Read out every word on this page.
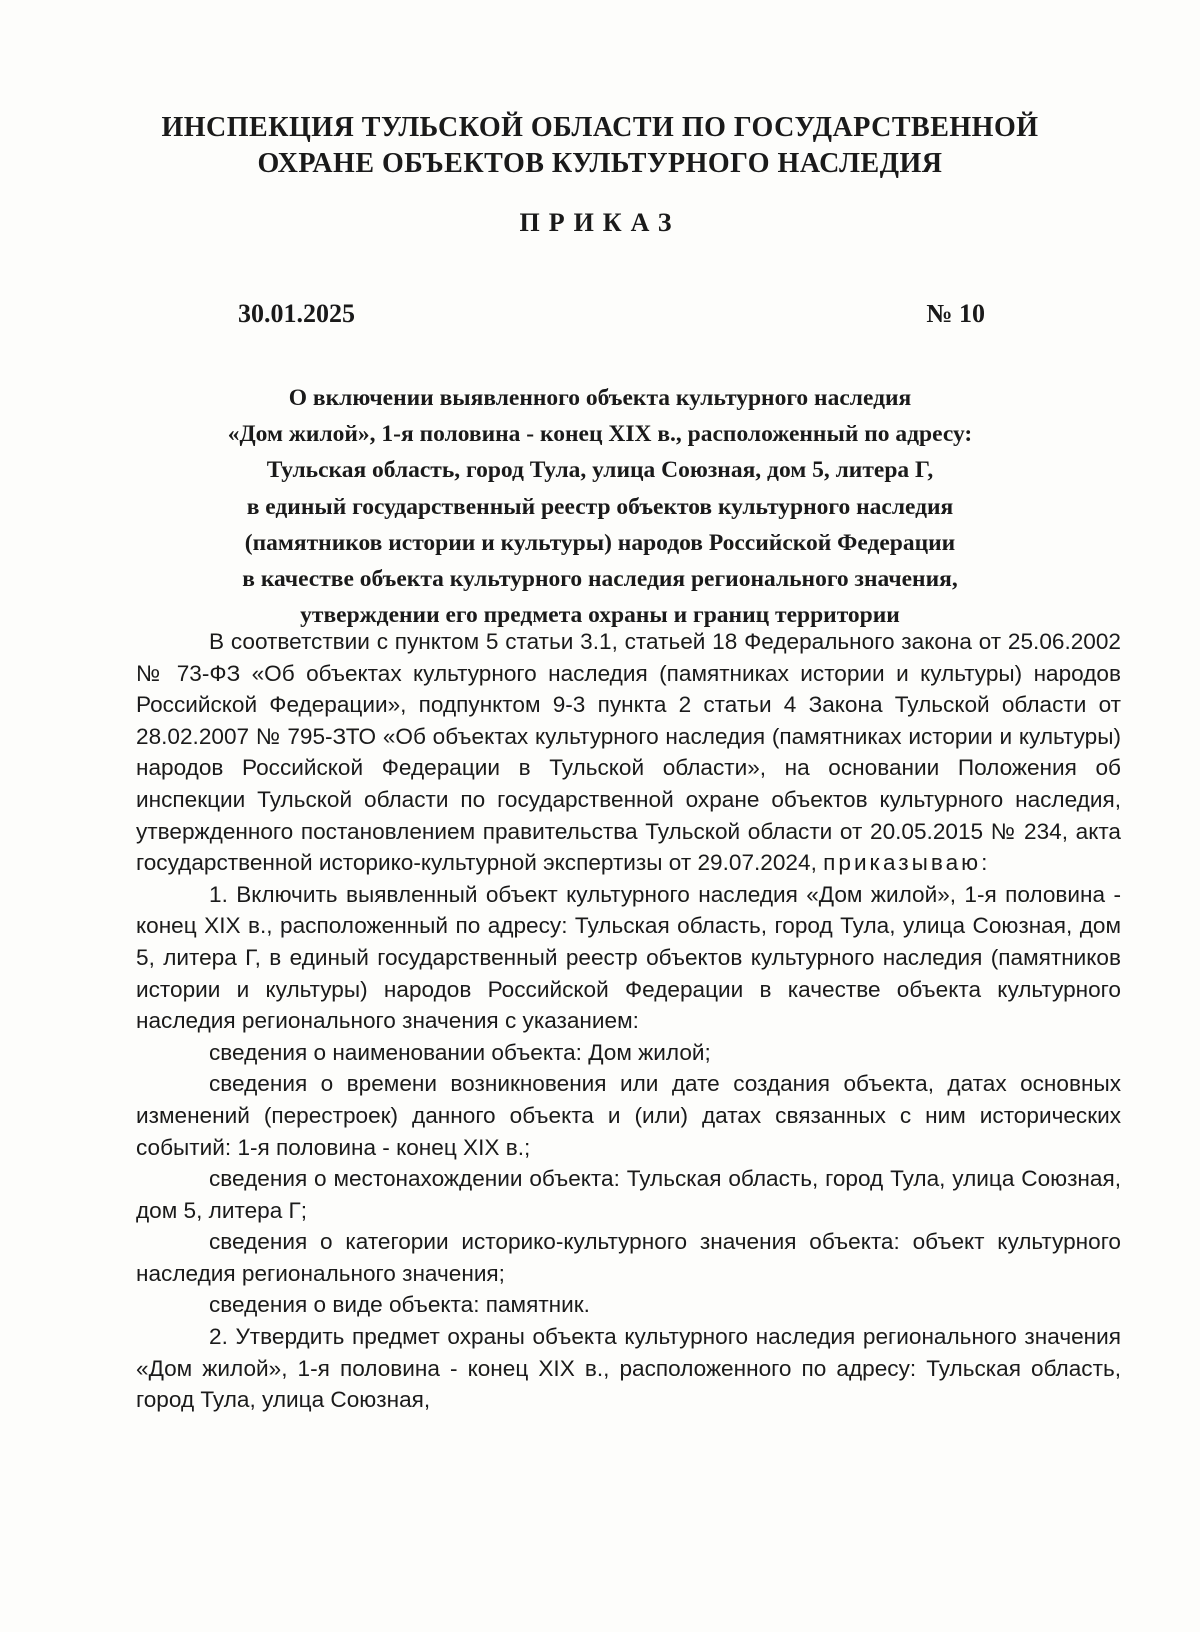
ИНСПЕКЦИЯ ТУЛЬСКОЙ ОБЛАСТИ ПО ГОСУДАРСТВЕННОЙ
ОХРАНЕ ОБЪЕКТОВ КУЛЬТУРНОГО НАСЛЕДИЯ
ПРИКАЗ
30.01.2025	№ 10
О включении выявленного объекта культурного наследия
«Дом жилой», 1-я половина - конец XIX в., расположенный по адресу:
Тульская область, город Тула, улица Союзная, дом 5, литера Г,
в единый государственный реестр объектов культурного наследия
(памятников истории и культуры) народов Российской Федерации
в качестве объекта культурного наследия регионального значения,
утверждении его предмета охраны и границ территории

В соответствии с пунктом 5 статьи 3.1, статьей 18 Федерального закона от 25.06.2002 № 73-ФЗ «Об объектах культурного наследия (памятниках истории и культуры) народов Российской Федерации», подпунктом 9-3 пункта 2 статьи 4 Закона Тульской области от 28.02.2007 № 795-ЗТО «Об объектах культурного наследия (памятниках истории и культуры) народов Российской Федерации в Тульской области», на основании Положения об инспекции Тульской области по государственной охране объектов культурного наследия, утвержденного постановлением правительства Тульской области от 20.05.2015 № 234, акта государственной историко-культурной экспертизы от 29.07.2024, приказываю:

1. Включить выявленный объект культурного наследия «Дом жилой», 1-я половина - конец XIX в., расположенный по адресу: Тульская область, город Тула, улица Союзная, дом 5, литера Г, в единый государственный реестр объектов культурного наследия (памятников истории и культуры) народов Российской Федерации в качестве объекта культурного наследия регионального значения с указанием:

сведения о наименовании объекта: Дом жилой;

сведения о времени возникновения или дате создания объекта, датах основных изменений (перестроек) данного объекта и (или) датах связанных с ним исторических событий: 1-я половина - конец XIX в.;

сведения о местонахождении объекта: Тульская область, город Тула, улица Союзная, дом 5, литера Г;

сведения о категории историко-культурного значения объекта: объект культурного наследия регионального значения;

сведения о виде объекта: памятник.

2. Утвердить предмет охраны объекта культурного наследия регионального значения «Дом жилой», 1-я половина - конец XIX в., расположенного по адресу: Тульская область, город Тула, улица Союзная,
